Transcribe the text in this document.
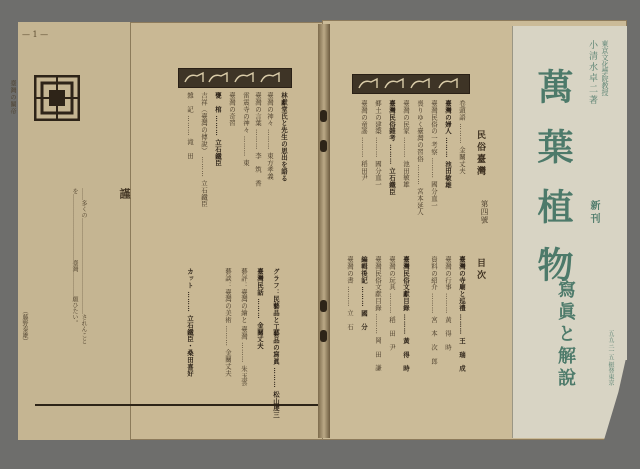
— 1 —
臺灣の關帝
……多くの…………………………………………されんことを……………………………臺灣…………願ひたい。	謹
（藤野泰雄）
林獻堂氏と先生の思出を語る
臺灣の神々 ……… 東方孝義
臺灣の言葉 ……… 李　筑　香
雷震寺の神々 ……… 東
臺灣の奇習
甕　棺 ……… 立石鐵臣
吉祥（臺灣の傳說） ……… 立石鐵臣
雜　記 ……… 滝　田
グラフ：民藝品と工藝品の寫眞 ……… 松山虔三
臺灣民話 ……… 金關丈夫
藝評：臺灣の繪と 臺灣 ……… 朱玉雲
藝談：臺灣の美術 ……… 金關丈夫
カット ……… 立石鐵臣・桑田喜好
民俗臺灣
第四號
目次
卷頭語 ……… 金關丈夫
臺灣の婦人 ……… 池田敏雄
臺灣民俗の一考察 ……… 國分直一
喪りゆく臺灣の習俗 ……… 宮本延人
臺灣の民家 ……… 池田敏雄
臺灣民俗雜考 ……… 立石鐵臣
郷土の建築 ……… 國分直一
臺灣の童謠 ……… 稻田尹
臺灣の寺廟と巡禮 ……… 王　瑞　成
臺灣の行事 ……… 黃　得　時
資料の紹介 ……… 宮　本　次　郎
臺灣民俗文獻目錄 ……… 黃　得　時
臺灣の玩具 ……… 稻　田　尹
臺灣民俗文獻目錄 ……… 岡　田　謙
編輯後記 ……… 國　分
臺灣の書 ……… 立　石
萬
葉
植
物
小清水卓二著 東京文化學院教授
新刊
寫眞と解說	五五三一五 振替東京
